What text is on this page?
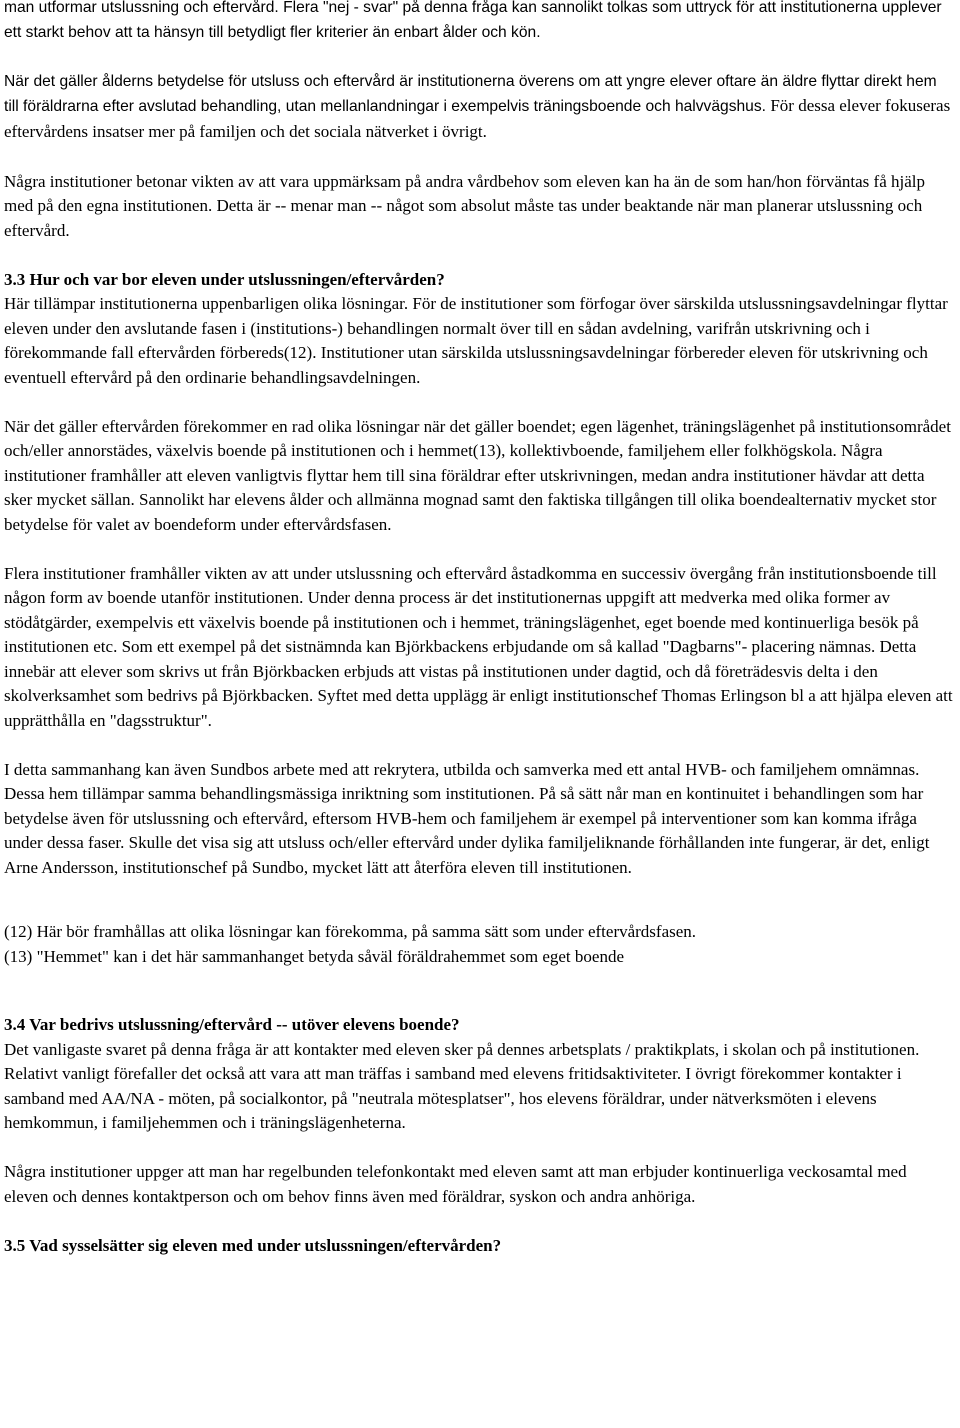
man utformar utslussning och eftervård. Flera "nej - svar" på denna fråga kan sannolikt tolkas som uttryck för att institutionerna upplever ett starkt behov att ta hänsyn till betydligt fler kriterier än enbart ålder och kön.

När det gäller ålderns betydelse för utsluss och eftervård är institutionerna överens om att yngre elever oftare än äldre flyttar direkt hem till föräldrarna efter avslutad behandling, utan mellanlandningar i exempelvis träningsboende och halvvägshus. För dessa elever fokuseras eftervårdens insatser mer på familjen och det sociala nätverket i övrigt.

Några institutioner betonar vikten av att vara uppmärksam på andra vårdbehov som eleven kan ha än de som han/hon förväntas få hjälp med på den egna institutionen. Detta är -- menar man -- något som absolut måste tas under beaktande när man planerar utslussning och eftervård.

3.3 Hur och var bor eleven under utslussningen/eftervården?

Här tillämpar institutionerna uppenbarligen olika lösningar. För de institutioner som förfogar över särskilda utslussningsavdelningar flyttar eleven under den avslutande fasen i (institutions-) behandlingen normalt över till en sådan avdelning, varifrån utskrivning och i förekommande fall eftervården förbereds(12). Institutioner utan särskilda utslussningsavdelningar förbereder eleven för utskrivning och eventuell eftervård på den ordinarie behandlingsavdelningen.

När det gäller eftervården förekommer en rad olika lösningar när det gäller boendet; egen lägenhet, träningslägenhet på institutionsområdet och/eller annorstädes, växelvis boende på institutionen och i hemmet(13), kollektivboende, familjehem eller folkhögskola. Några institutioner framhåller att eleven vanligtvis flyttar hem till sina föräldrar efter utskrivningen, medan andra institutioner hävdar att detta sker mycket sällan. Sannolikt har elevens ålder och allmänna mognad samt den faktiska tillgången till olika boendealternativ mycket stor betydelse för valet av boendeform under eftervårdsfasen.

Flera institutioner framhåller vikten av att under utslussning och eftervård åstadkomma en successiv övergång från institutionsboende till någon form av boende utanför institutionen. Under denna process är det institutionernas uppgift att medverka med olika former av stödåtgärder, exempelvis ett växelvis boende på institutionen och i hemmet, träningslägenhet, eget boende med kontinuerliga besök på institutionen etc. Som ett exempel på det sistnämnda kan Björkbackens erbjudande om så kallad "Dagbarns"- placering nämnas. Detta innebär att elever som skrivs ut från Björkbacken erbjuds att vistas på institutionen under dagtid, och då företrädesvis delta i den skolverksamhet som bedrivs på Björkbacken. Syftet med detta upplägg är enligt institutionschef Thomas Erlingson bl a att hjälpa eleven att upprätthålla en "dagsstruktur".

I detta sammanhang kan även Sundbos arbete med att rekrytera, utbilda och samverka med ett antal HVB- och familjehem omnämnas. Dessa hem tillämpar samma behandlingsmässiga inriktning som institutionen. På så sätt når man en kontinuitet i behandlingen som har betydelse även för utslussning och eftervård, eftersom HVB-hem och familjehem är exempel på interventioner som kan komma ifråga under dessa faser. Skulle det visa sig att utsluss och/eller eftervård under dylika familjeliknande förhållanden inte fungerar, är det, enligt Arne Andersson, institutionschef på Sundbo, mycket lätt att återföra eleven till institutionen.

(12) Här bör framhållas att olika lösningar kan förekomma, på samma sätt som under eftervårdsfasen.

(13) "Hemmet" kan i det här sammanhanget betyda såväl föräldrahemmet som eget boende

3.4 Var bedrivs utslussning/eftervård -- utöver elevens boende?

Det vanligaste svaret på denna fråga är att kontakter med eleven sker på dennes arbetsplats / praktikplats, i skolan och på institutionen. Relativt vanligt förefaller det också att vara att man träffas i samband med elevens fritidsaktiviteter. I övrigt förekommer kontakter i samband med AA/NA - möten, på socialkontor, på "neutrala mötesplatser", hos elevens föräldrar, under nätverksmöten i elevens hemkommun, i familjehemmen och i träningslägenheterna.

Några institutioner uppger att man har regelbunden telefonkontakt med eleven samt att man erbjuder kontinuerliga veckosamtal med eleven och dennes kontaktperson och om behov finns även med föräldrar, syskon och andra anhöriga.

3.5 Vad sysselsätter sig eleven med under utslussningen/eftervården?
